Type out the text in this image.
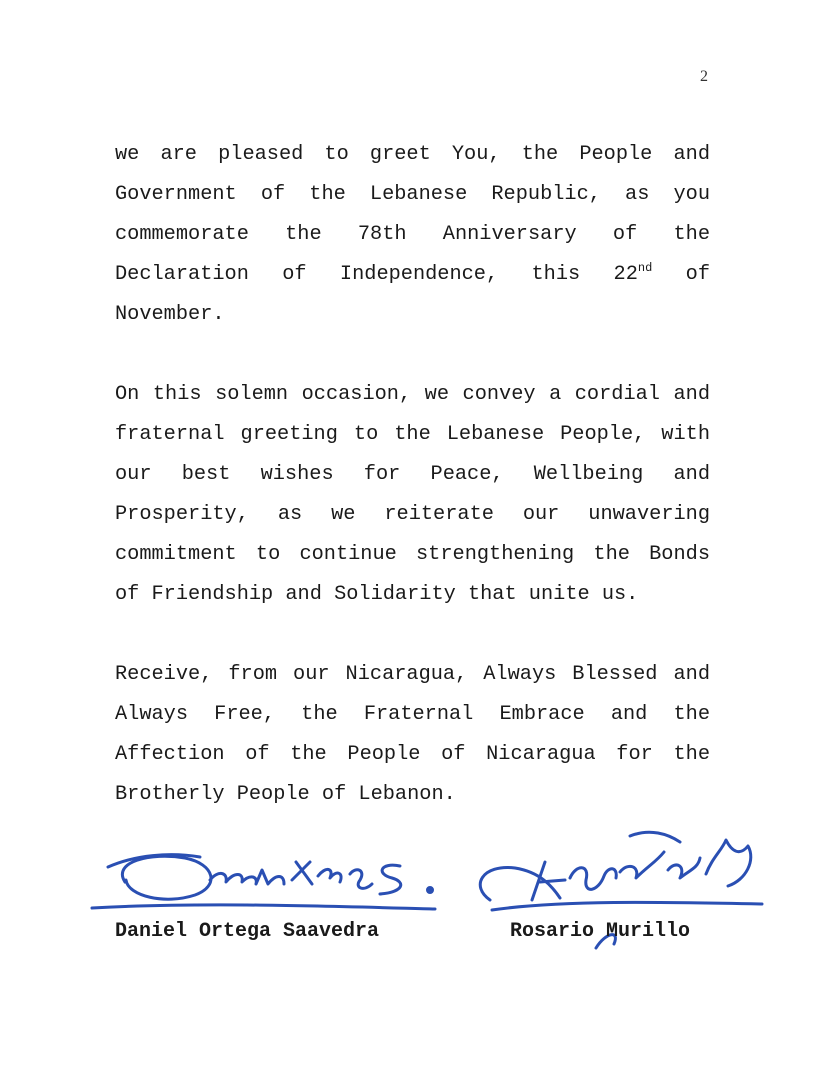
2

we are pleased to greet You, the People and Government of the Lebanese Republic, as you commemorate the 78th Anniversary of the Declaration of Independence, this 22nd of November.

On this solemn occasion, we convey a cordial and fraternal greeting to the Lebanese People, with our best wishes for Peace, Wellbeing and Prosperity, as we reiterate our unwavering commitment to continue strengthening the Bonds of Friendship and Solidarity that unite us.

Receive, from our Nicaragua, Always Blessed and Always Free, the Fraternal Embrace and the Affection of the People of Nicaragua for the Brotherly People of Lebanon.

Daniel Ortega Saavedra	Rosario Murillo
